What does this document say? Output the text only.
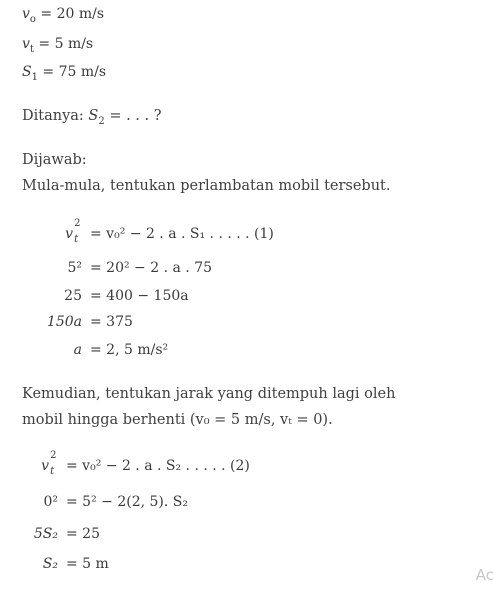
$v_o = 20$ m/s
$v_t = 5$ m/s
$S_1 = 75$ m/s
Ditanya: $S_2$ = . . . ?
Dijawab:
Mula-mula, tentukan perlambatan mobil tersebut.
v
2
t
= v₀² − 2 . a . S₁ . . . . . (1)
5² = 20² − 2 . a . 75
25 = 400 − 150a
150a = 375
a = 2, 5 m/s²
Kemudian, tentukan jarak yang ditempuh lagi oleh
mobil hingga berhenti (v₀ = 5 m/s, vₜ = 0).
v
2
t
= v₀² − 2 . a . S₂ . . . . . (2)
0² = 5² − 2(2, 5). S₂
5S₂ = 25
S₂ = 5 m
Ac
